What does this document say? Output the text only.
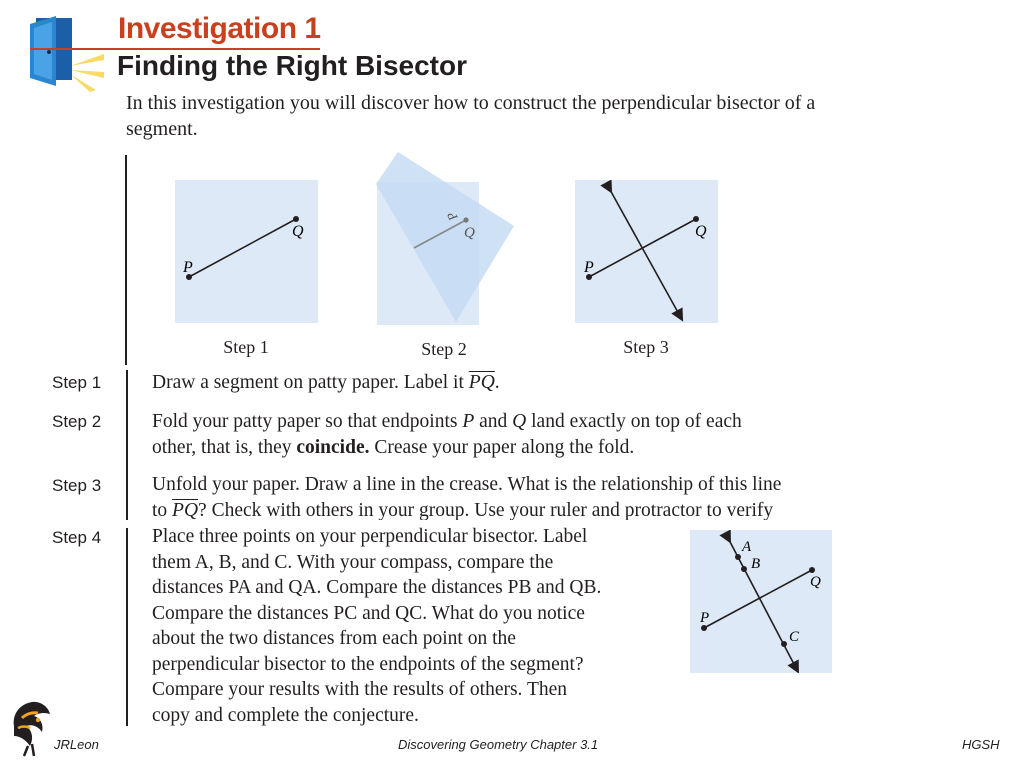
Investigation 1
Finding the Right Bisector
In this investigation you will discover how to construct the perpendicular bisector of a segment.
P
Q
Step 1
Q
P
Step 2
P
Q
Step 3
Step 1	Draw a segment on patty paper. Label it $\overline{PQ}$.
Step 2	Fold your patty paper so that endpoints P and Q land exactly on top of each
other, that is, they coincide. Crease your paper along the fold.
Step 3	Unfold your paper. Draw a line in the crease. What is the relationship of this line
to $\overline{PQ}$? Check with others in your group. Use your ruler and protractor to verify
Step 4	Place three points on your perpendicular bisector. Label
them A, B, and C. With your compass, compare the
distances PA and QA. Compare the distances PB and QB.
Compare the distances PC and QC. What do you notice
about the two distances from each point on the
perpendicular bisector to the endpoints of the segment?
Compare your results with the results of others. Then
copy and complete the conjecture.
P
Q
A
B
C
JRLeon	Discovering Geometry Chapter 3.1	HGSH
